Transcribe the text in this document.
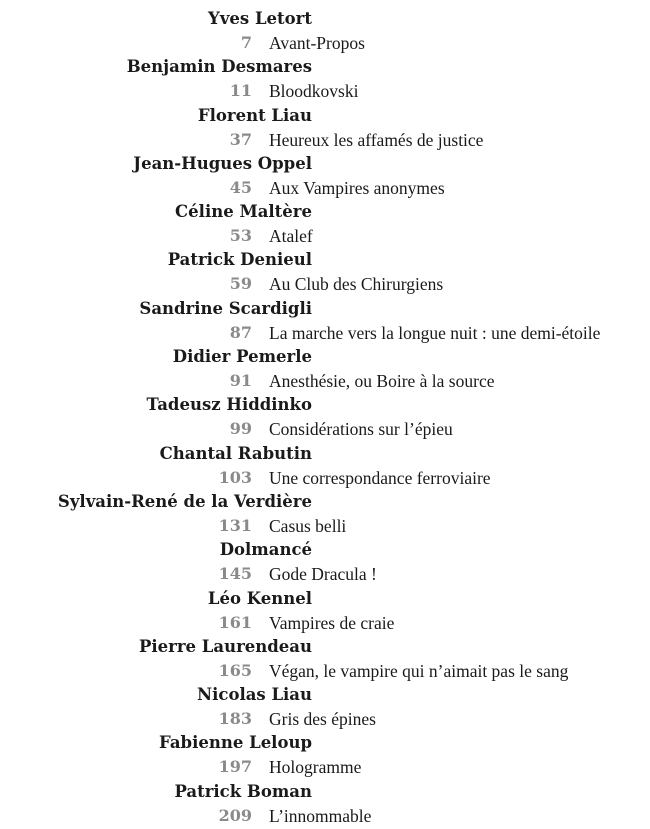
Yves Letort
7 Avant-Propos
Benjamin Desmares
11 Bloodkovski
Florent Liau
37 Heureux les affamés de justice
Jean-Hugues Oppel
45 Aux Vampires anonymes
Céline Maltère
53 Atalef
Patrick Denieul
59 Au Club des Chirurgiens
Sandrine Scardigli
87 La marche vers la longue nuit : une demi-étoile
Didier Pemerle
91 Anesthésie, ou Boire à la source
Tadeusz Hiddinko
99 Considérations sur l’épieu
Chantal Rabutin
103 Une correspondance ferroviaire
Sylvain-René de la Verdière
131 Casus belli
Dolmancé
145 Gode Dracula !
Léo Kennel
161 Vampires de craie
Pierre Laurendeau
165 Végan, le vampire qui n’aimait pas le sang
Nicolas Liau
183 Gris des épines
Fabienne Leloup
197 Hologramme
Patrick Boman
209 L’innommable
